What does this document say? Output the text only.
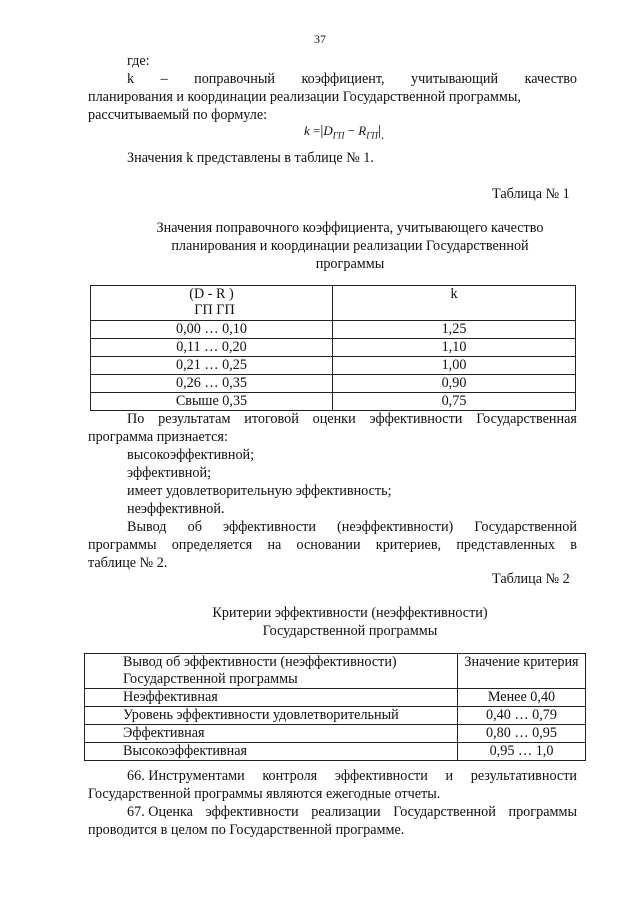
37
где:
k – поправочный коэффициент, учитывающий качество
планирования и координации реализации Государственной программы,
рассчитываемый по формуле:
$k =|D_{ГП} - R_{ГП}|$.
Значения k представлены в таблице № 1.
Таблица № 1
Значения поправочного коэффициента, учитывающего качество
планирования и координации реализации Государственной
программы
(D - R )
ГП ГП	k
0,00 … 0,10	1,25
0,11 … 0,20	1,10
0,21 … 0,25	1,00
0,26 … 0,35	0,90
Свыше 0,35	0,75
По результатам итоговой оценки эффективности Государственная
программа признается:
высокоэффективной;
эффективной;
имеет удовлетворительную эффективность;
неэффективной.
Вывод об эффективности (неэффективности) Государственной
программы определяется на основании критериев, представленных в
таблице № 2.
Таблица № 2
Критерии эффективности (неэффективности)
Государственной программы
Вывод об эффективности (неэффективности)
Государственной программы	Значение критерия
Неэффективная	Менее 0,40
Уровень эффективности удовлетворительный	0,40 … 0,79
Эффективная	0,80 … 0,95
Высокоэффективная	0,95 … 1,0
66. Инструментами контроля эффективности и результативности
Государственной программы являются ежегодные отчеты.
67. Оценка эффективности реализации Государственной программы
проводится в целом по Государственной программе.
